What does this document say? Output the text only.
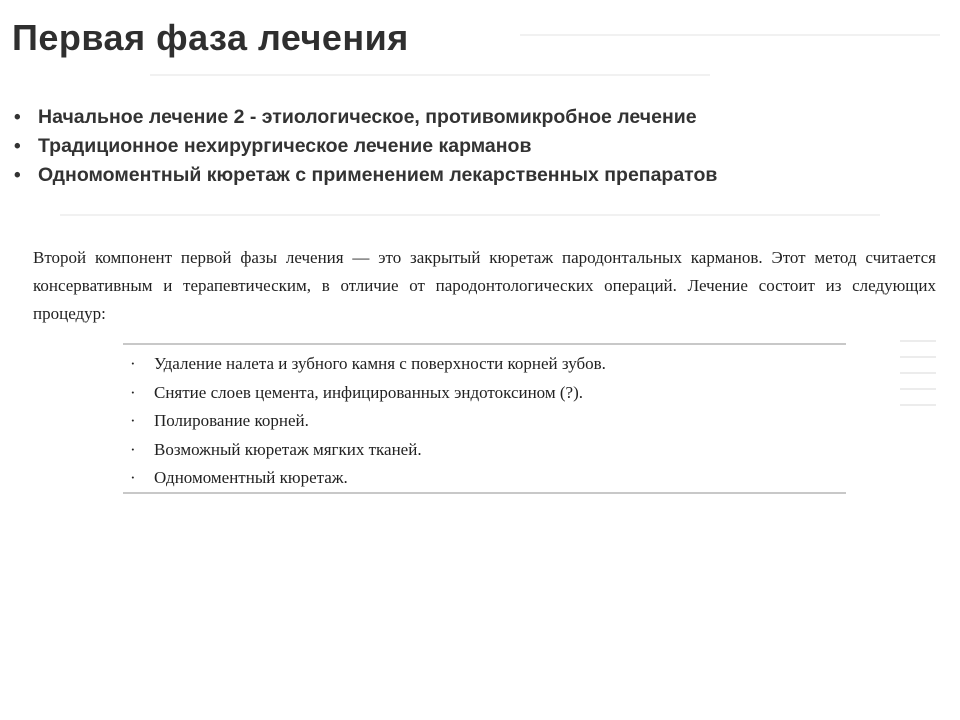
Первая фаза лечения
• Начальное лечение 2 - этиологическое, противомикробное лечение
• Традиционное нехирургическое лечение карманов
• Одномоментный кюретаж с применением лекарственных препаратов

Второй компонент первой фазы лечения — это закрытый кюретаж пародонтальных карманов. Этот метод считается консервативным и терапевтическим, в отличие от пародонтологических операций. Лечение состоит из следующих процедур:

· Удаление налета и зубного камня с поверхности корней зубов.
· Снятие слоев цемента, инфицированных эндотоксином (?).
· Полирование корней.
· Возможный кюретаж мягких тканей.
· Одномоментный кюретаж.
